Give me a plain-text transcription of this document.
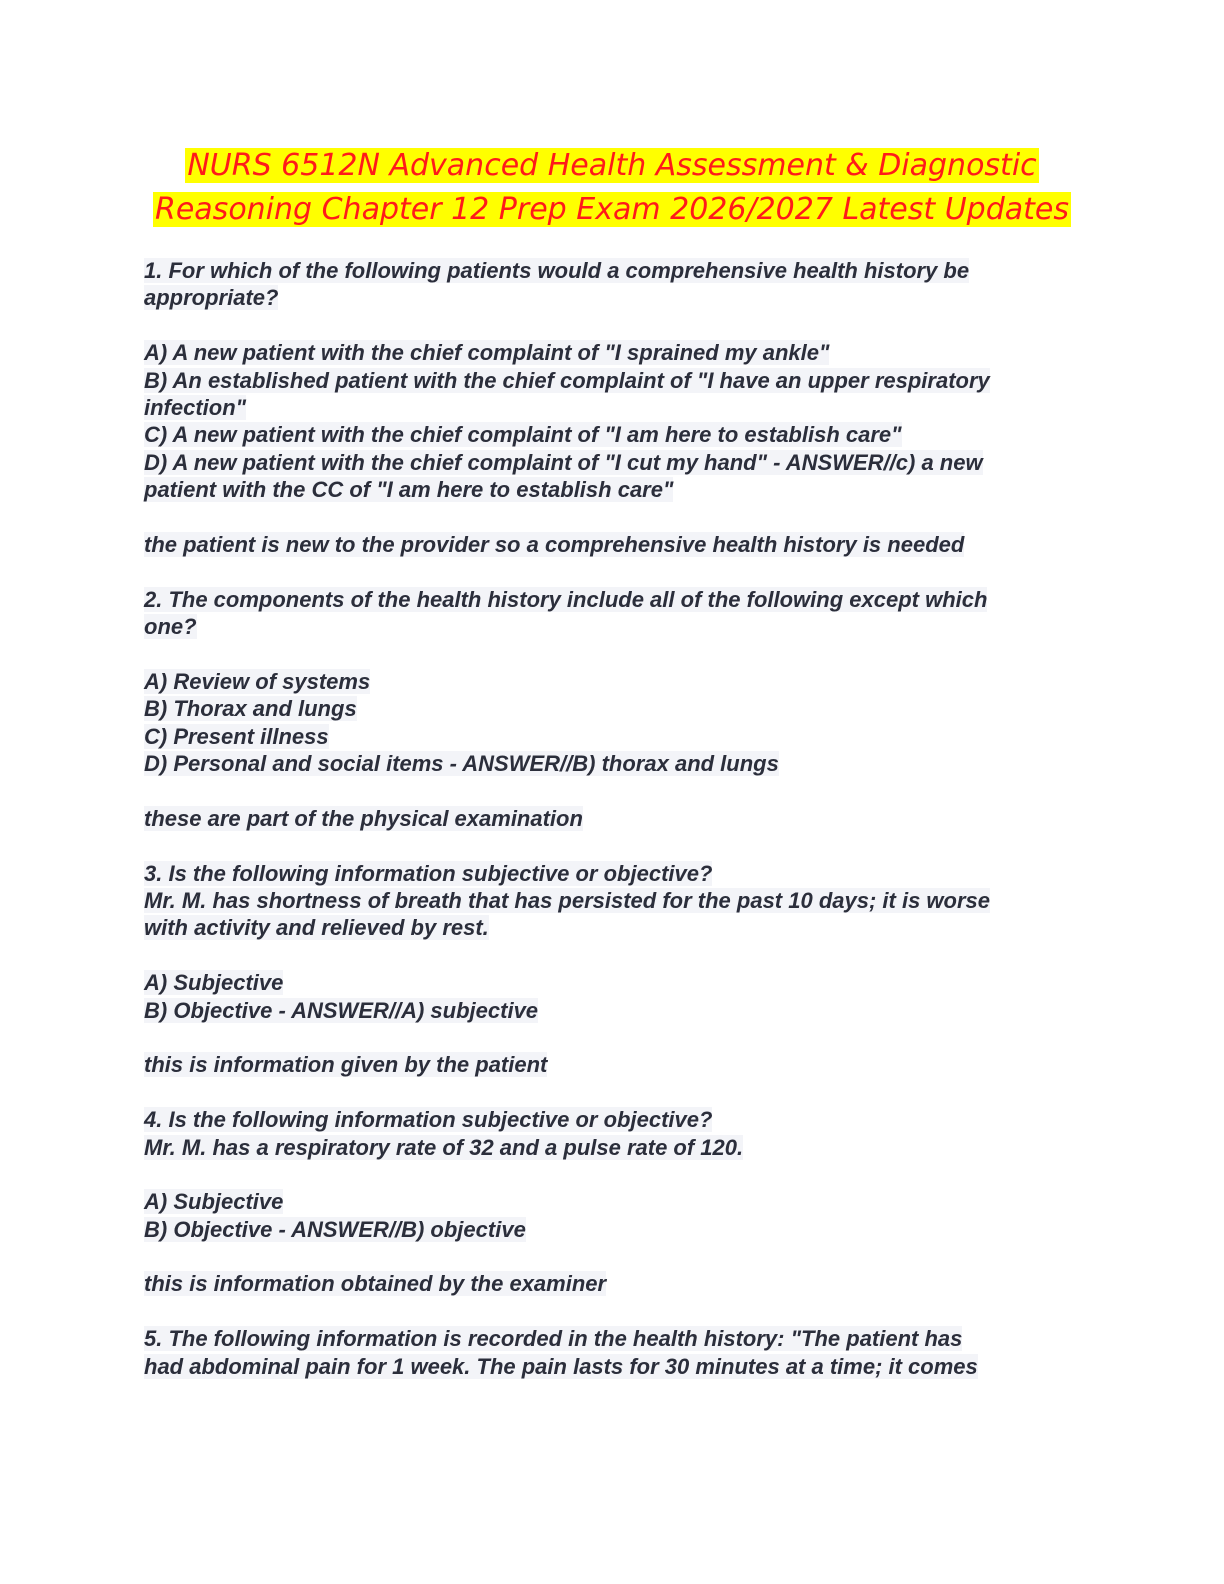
NURS 6512N Advanced Health Assessment & Diagnostic
Reasoning Chapter 12 Prep Exam 2026/2027 Latest Updates
1. For which of the following patients would a comprehensive health history be
appropriate?
A) A new patient with the chief complaint of "I sprained my ankle"
B) An established patient with the chief complaint of "I have an upper respiratory
infection"
C) A new patient with the chief complaint of "I am here to establish care"
D) A new patient with the chief complaint of "I cut my hand" - ANSWER//c) a new
patient with the CC of "I am here to establish care"
the patient is new to the provider so a comprehensive health history is needed
2. The components of the health history include all of the following except which
one?
A) Review of systems
B) Thorax and lungs
C) Present illness
D) Personal and social items - ANSWER//B) thorax and lungs
these are part of the physical examination
3. Is the following information subjective or objective?
Mr. M. has shortness of breath that has persisted for the past 10 days; it is worse
with activity and relieved by rest.
A) Subjective
B) Objective - ANSWER//A) subjective
this is information given by the patient
4. Is the following information subjective or objective?
Mr. M. has a respiratory rate of 32 and a pulse rate of 120.
A) Subjective
B) Objective - ANSWER//B) objective
this is information obtained by the examiner
5. The following information is recorded in the health history: "The patient has
had abdominal pain for 1 week. The pain lasts for 30 minutes at a time; it comes
